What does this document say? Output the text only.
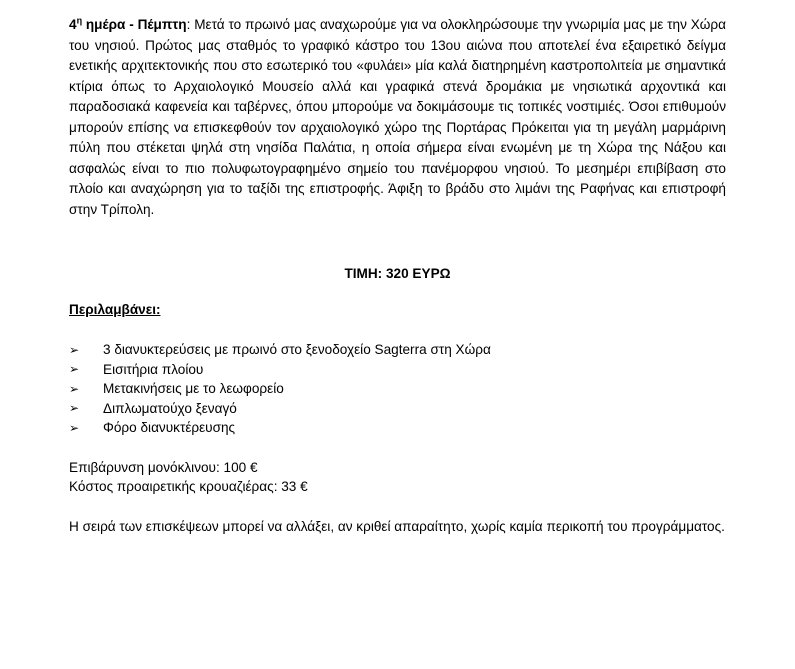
$4^\eta$ ημέρα - Πέμπτη: Μετά το πρωινό μας αναχωρούμε για να ολοκληρώσουμε την γνωριμία μας με την Χώρα του νησιού. Πρώτος μας σταθμός το γραφικό κάστρο του 13ου αιώνα που αποτελεί ένα εξαιρετικό δείγμα ενετικής αρχιτεκτονικής που στο εσωτερικό του «φυλάει» μία καλά διατηρημένη καστροπολιτεία με σημαντικά κτίρια όπως το Αρχαιολογικό Μουσείο αλλά και γραφικά στενά δρομάκια με νησιωτικά αρχοντικά και παραδοσιακά καφενεία και ταβέρνες, όπου μπορούμε να δοκιμάσουμε τις τοπικές νοστιμιές. Όσοι επιθυμούν μπορούν επίσης να επισκεφθούν τον αρχαιολογικό χώρο της Πορτάρας Πρόκειται για τη μεγάλη μαρμάρινη πύλη που στέκεται ψηλά στη νησίδα Παλάτια, η οποία σήμερα είναι ενωμένη με τη Χώρα της Νάξου και ασφαλώς είναι το πιο πολυφωτογραφημένο σημείο του πανέμορφου νησιού. Το μεσημέρι επιβίβαση στο πλοίο και αναχώρηση για το ταξίδι της επιστροφής. Άφιξη το βράδυ στο λιμάνι της Ραφήνας και επιστροφή στην Τρίπολη.

ΤΙΜΗ: 320 ΕΥΡΩ
Περιλαμβάνει:
➢	3 διανυκτερεύσεις με πρωινό στο ξενοδοχείο Sagterra στη Χώρα
➢	Εισιτήρια πλοίου
➢	Μετακινήσεις με το λεωφορείο
➢	Διπλωματούχο ξεναγό
➢	Φόρο διανυκτέρευσης
Επιβάρυνση μονόκλινου: 100 €
Κόστος προαιρετικής κρουαζιέρας: 33 €

Η σειρά των επισκέψεων μπορεί να αλλάξει, αν κριθεί απαραίτητο, χωρίς καμία περικοπή του προγράμματος.
